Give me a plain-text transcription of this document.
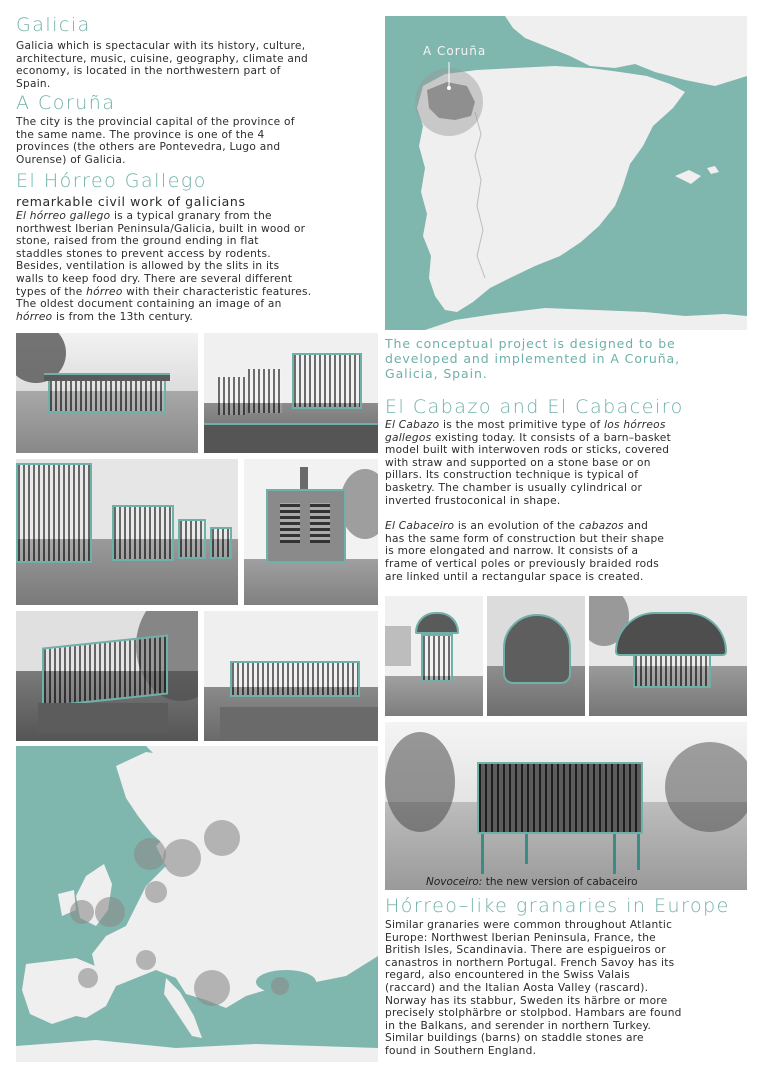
Galicia
Galicia which is spectacular with its history, culture,
architecture, music, cuisine, geography, climate and
economy, is located in the northwestern part of
Spain.
A Coruña
The city is the provincial capital of the province of
the same name. The province is one of the 4
provinces (the others are Pontevedra, Lugo and
Ourense) of Galicia.
El Hórreo Gallego
remarkable civil work of galicians
El hórreo gallego is a typical granary from the
northwest Iberian Peninsula/Galicia, built in wood or
stone, raised from the ground ending in flat
staddles stones to prevent access by rodents.
Besides, ventilation is allowed by the slits in its
walls to keep food dry. There are several different
types of the hórreo with their characteristic features.
The oldest document containing an image of an
hórreo is from the 13th century.
A Coruña
The conceptual project is designed to be
developed and implemented in A Coruña,
Galicia, Spain.
El Cabazo and El Cabaceiro
El Cabazo is the most primitive type of los hórreos
gallegos existing today. It consists of a barn–basket
model built with interwoven rods or sticks, covered
with straw and supported on a stone base or on
pillars. Its construction technique is typical of
basketry. The chamber is usually cylindrical or
inverted frustoconical in shape.
El Cabaceiro is an evolution of the cabazos and
has the same form of construction but their shape
is more elongated and narrow. It consists of a
frame of vertical poles or previously braided rods
are linked until a rectangular space is created.
Novoceiro: the new version of cabaceiro
Hórreo–like granaries in Europe
Similar granaries were common throughout Atlantic
Europe: Northwest Iberian Peninsula, France, the
British Isles, Scandinavia. There are espigueiros or
canastros in northern Portugal. French Savoy has its
regard, also encountered in the Swiss Valais
(raccard) and the Italian Aosta Valley (rascard).
Norway has its stabbur, Sweden its härbre or more
precisely stolphärbre or stolpbod. Hambars are found
in the Balkans, and serender in northern Turkey.
Similar buildings (barns) on staddle stones are
found in Southern England.
